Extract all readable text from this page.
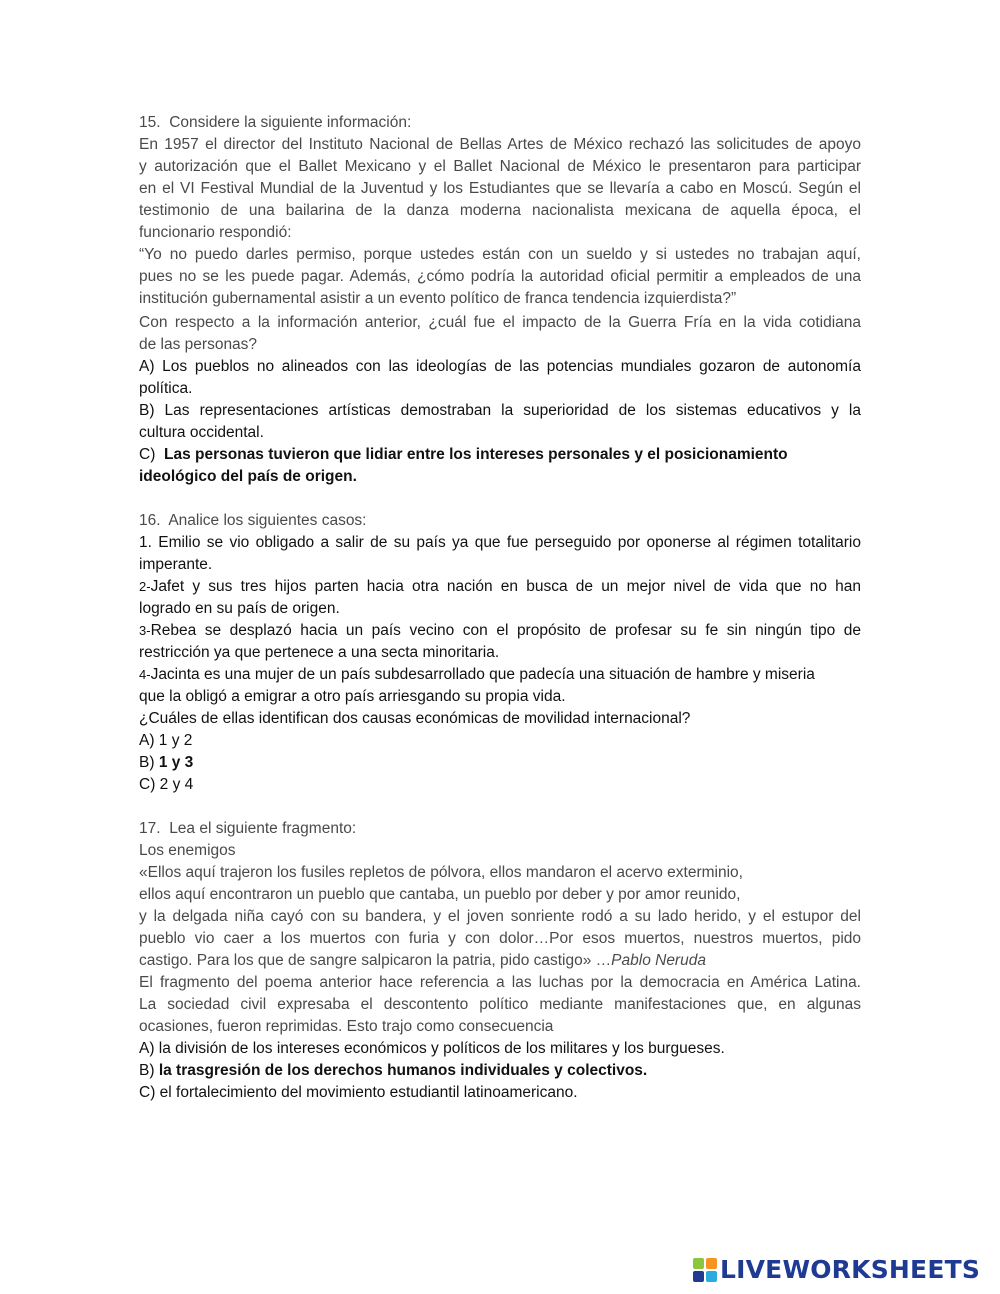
15. Considere la siguiente información:

En 1957 el director del Instituto Nacional de Bellas Artes de México rechazó las solicitudes de apoyo

y autorización que el Ballet Mexicano y el Ballet Nacional de México le presentaron para participar

en el VI Festival Mundial de la Juventud y los Estudiantes que se llevaría a cabo en Moscú. Según el

testimonio de una bailarina de la danza moderna nacionalista mexicana de aquella época, el

funcionario respondió:

“Yo no puedo darles permiso, porque ustedes están con un sueldo y si ustedes no trabajan aquí,

pues no se les puede pagar. Además, ¿cómo podría la autoridad oficial permitir a empleados de una

institución gubernamental asistir a un evento político de franca tendencia izquierdista?”

Con respecto a la información anterior, ¿cuál fue el impacto de la Guerra Fría en la vida cotidiana

de las personas?

A) Los pueblos no alineados con las ideologías de las potencias mundiales gozaron de autonomía

política.

B) Las representaciones artísticas demostraban la superioridad de los sistemas educativos y la

cultura occidental.

C) Las personas tuvieron que lidiar entre los intereses personales y el posicionamiento

ideológico del país de origen.

16. Analice los siguientes casos:

1. Emilio se vio obligado a salir de su país ya que fue perseguido por oponerse al régimen totalitario

imperante.

2-Jafet y sus tres hijos parten hacia otra nación en busca de un mejor nivel de vida que no han

logrado en su país de origen.

3-Rebea se desplazó hacia un país vecino con el propósito de profesar su fe sin ningún tipo de

restricción ya que pertenece a una secta minoritaria.

4-Jacinta es una mujer de un país subdesarrollado que padecía una situación de hambre y miseria

que la obligó a emigrar a otro país arriesgando su propia vida.

¿Cuáles de ellas identifican dos causas económicas de movilidad internacional?

A) 1 y 2

B) 1 y 3

C) 2 y 4

17. Lea el siguiente fragmento:

Los enemigos

«Ellos aquí trajeron los fusiles repletos de pólvora, ellos mandaron el acervo exterminio,

ellos aquí encontraron un pueblo que cantaba, un pueblo por deber y por amor reunido,

y la delgada niña cayó con su bandera, y el joven sonriente rodó a su lado herido, y el estupor del

pueblo vio caer a los muertos con furia y con dolor…Por esos muertos, nuestros muertos, pido

castigo. Para los que de sangre salpicaron la patria, pido castigo» …Pablo Neruda

El fragmento del poema anterior hace referencia a las luchas por la democracia en América Latina.

La sociedad civil expresaba el descontento político mediante manifestaciones que, en algunas

ocasiones, fueron reprimidas. Esto trajo como consecuencia

A) la división de los intereses económicos y políticos de los militares y los burgueses.

B) la trasgresión de los derechos humanos individuales y colectivos.

C) el fortalecimiento del movimiento estudiantil latinoamericano.

LIVEWORKSHEETS
